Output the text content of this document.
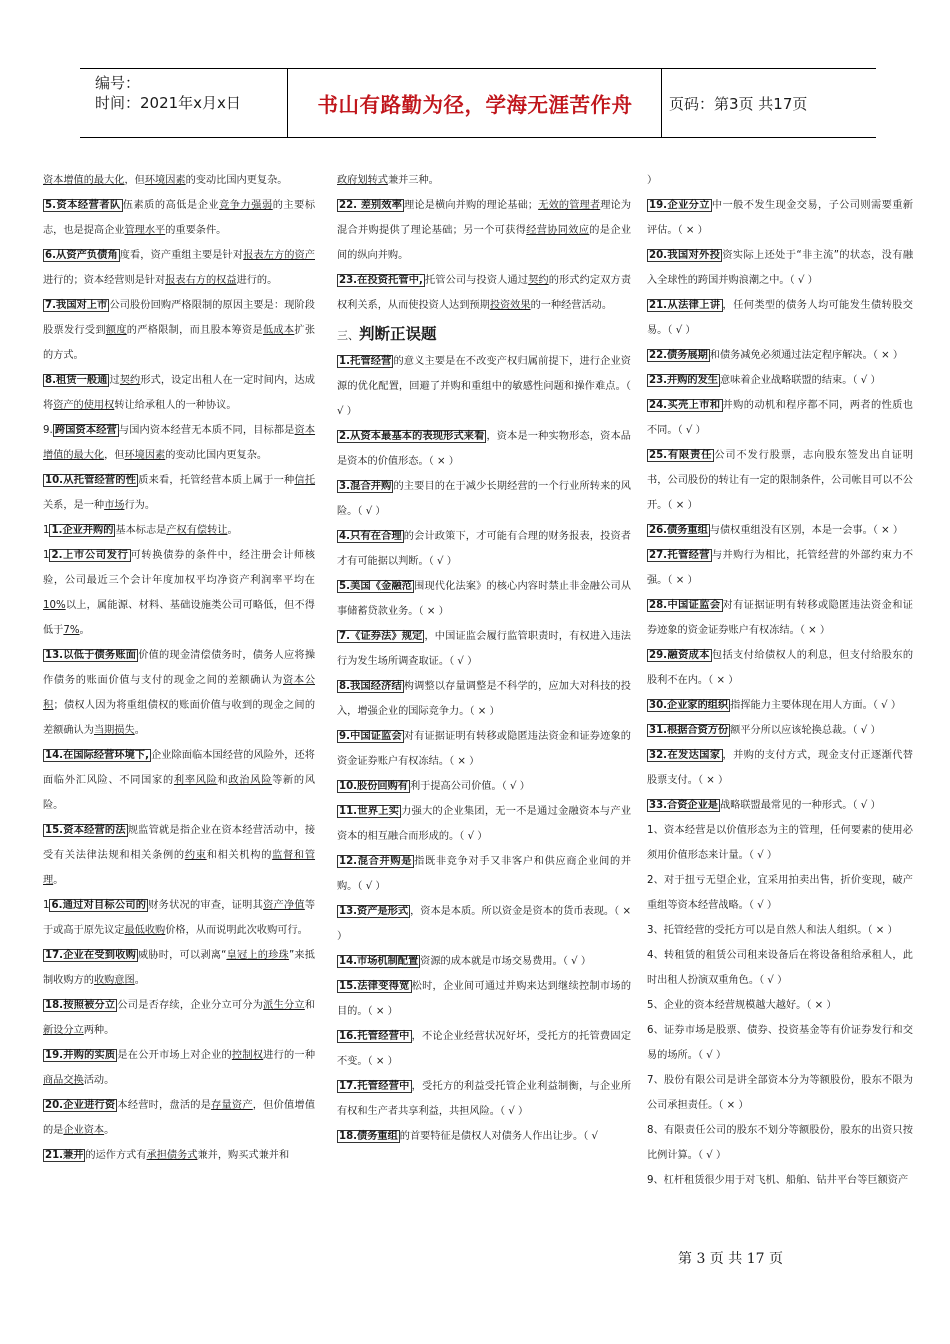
编号：
时间：2021年x月x日	书山有路勤为径，学海无涯苦作舟	页码：第3页 共17页

资本增值的最大化，但环境因素的变动比国内更复杂。

5.资本经营者队 伍素质的高低是企业竞争力强弱的主要标志，也是提高企业管理水平的重要条件。

6.从资产负债角 度看，资产重组主要是针对报表左方的资产进行的；资本经营则是针对报表右方的权益进行的。

7.我国对上市 公司股份回购严格限制的原因主要是：现阶段股票发行受到额度的严格限制，而且股本筹资是低成本扩张的方式。

8.租赁一般通 过契约形式，设定出租人在一定时间内，达成将资产的使用权转让给承租人的一种协议。

9. 跨国资本经营 与国内资本经营无本质不同，目标都是资本增值的最大化，但环境因素的变动比国内更复杂。

10.从托管经营的性 质来看，托管经营本质上属于一种信托关系，是一种市场行为。

1 1.企业并购的 基本标志是产权有偿转让。

1 2.上市公司发行 可转换债券的条件中，经注册会计师核验，公司最近三个会计年度加权平均净资产利润率平均在10%以上，属能源、材料、基础设施类公司可略低，但不得低于7%。

13.以低于债务账面 价值的现金清偿债务时，债务人应将操作债务的账面价值与支付的现金之间的差额确认为资本公积；债权人因为将重组债权的账面价值与收到的现金之间的差额确认为当期损失。

14.在国际经营环境下, 企业除面临本国经营的风险外，还将面临外汇风险、不同国家的利率风险和政治风险等新的风险。

15.资本经营的法 规监管就是指企业在资本经营活动中，接受有关法律法规和相关条例的约束和相关机构的监督和管理。

1 6.通过对目标公司的 财务状况的审查，证明其资产净值等于或高于原先议定最低收购价格，从而说明此次收购可行。

17.企业在受到收购 威胁时，可以剥离“皇冠上的珍珠”来抵制收购方的收购意图。

18.按照被分立 公司是否存续，企业分立可分为派生分立和新设分立两种。

19.并购的实质 是在公开市场上对企业的控制权进行的一种商品交换活动。

20.企业进行资 本经营时，盘活的是存量资产，但价值增值的是企业资本。

21.兼并 的运作方式有承担债务式兼并，购买式兼并和

政府划转式兼并三种。

22. 差别效率 理论是横向并购的理论基础；无效的管理者理论为混合并购提供了理论基础；另一个可获得经营协同效应的是企业间的纵向并购。

23.在投资托管中, 托管公司与投资人通过契约的形式约定双方责权利关系，从而使投资人达到预期投资效果的一种经营活动。

三、判断正误题

1.托管经营 的意义主要是在不改变产权归属前提下，进行企业资源的优化配置，回避了并购和重组中的敏感性问题和操作难点。（ √ ）

2.从资本最基本的表现形式来看 ，资本是一种实物形态，资本品是资本的价值形态。（ × ）

3.混合并购 的主要目的在于减少长期经营的一个行业所转来的风险。（ √ ）

4.只有在合理 的会计政策下，才可能有合理的财务报表，投资者才有可能据以判断。（ √ ）

5.美国《金融范 围现代化法案》的核心内容时禁止非金融公司从事储蓄贷款业务。（ × ）

7.《证券法》规定 ，中国证监会履行监管职责时，有权进入违法行为发生场所调查取证。（ √ ）

8.我国经济结 构调整以存量调整是不科学的，应加大对科技的投入，增强企业的国际竞争力。（ × ）

9.中国证监会 对有证据证明有转移或隐匿违法资金和证券迹象的资金证券账户有权冻结。（ × ）

10.股份回购有 利于提高公司价值。（ √ ）

11.世界上实 力强大的企业集团，无一不是通过金融资本与产业资本的相互融合而形成的。（ √ ）

12.混合并购是 指既非竞争对手又非客户和供应商企业间的并购。（ √ ）

13.资产是形式 ，资本是本质。所以资金是资本的货币表现。（ × ）

14.市场机制配置 资源的成本就是市场交易费用。（ √ ）

15.法律变得宽 松时，企业间可通过并购来达到继续控制市场的目的。（ × ）

16.托管经营中 ，不论企业经营状况好坏，受托方的托管费固定不变。（ × ）

17.托管经营中 ，受托方的利益受托管企业利益制衡，与企业所有权和生产者共享利益，共担风险。（ √ ）

18.债务重组 的首要特征是债权人对债务人作出让步。（ √

）

19.企业分立 中一般不发生现金交易，子公司则需要重新评估。（ × ）

20.我国对外投 资实际上还处于“非主流”的状态，没有融入全球性的跨国并购浪潮之中。（ √ ）

21.从法律上讲 ，任何类型的债务人均可能发生债转股交易。（ √ ）

22.债务展期 和债务减免必须通过法定程序解决。（ × ）

23.并购的发生 意味着企业战略联盟的结束。（ √ ）

24.买壳上市和 并购的动机和程序都不同，两者的性质也不同。（ √ ）

25.有限责任 公司不发行股票，志向股东签发出自证明书，公司股份的转让有一定的限制条件，公司帐目可以不公开。（ × ）

26.债务重组 与债权重组没有区别，本是一会事。（ × ）

27.托管经营 与并购行为相比，托管经营的外部约束力不强。（ × ）

28.中国证监会 对有证据证明有转移或隐匿违法资金和证券迹象的资金证券账户有权冻结。（ × ）

29.融资成本 包括支付给债权人的利息，但支付给股东的股利不在内。（ × ）

30.企业家的组织 指挥能力主要体现在用人方面。（ √ ）

31.根据合资方份 额平分所以应该轮换总裁。（ √ ）

32.在发达国家 ，并购的支付方式，现金支付正逐渐代替股票支付。（ × ）

33.合资企业是 战略联盟最常见的一种形式。（ √ ）

1、资本经营是以价值形态为主的管理，任何要素的使用必须用价值形态来计量。（ √ ）

2、对于扭亏无望企业，宜采用拍卖出售，折价变现，破产重组等资本经营战略。（ √ ）

3、托管经营的受托方可以是自然人和法人组织。（ × ）

4、转租赁的租赁公司租来设备后在将设备租给承租人，此时出租人扮演双重角色。（ √ ）

5、企业的资本经营规模越大越好。（ × ）

6、证券市场是股票、债券、投资基金等有价证券发行和交易的场所。（ √ ）

7、股份有限公司是讲全部资本分为等额股份，股东不限为公司承担责任。（ × ）

8、有限责任公司的股东不划分等额股份，股东的出资只按比例计算。（ √ ）

9、杠杆租赁很少用于对飞机、船舶、钻井平台等巨额资产

第 3 页 共 17 页
